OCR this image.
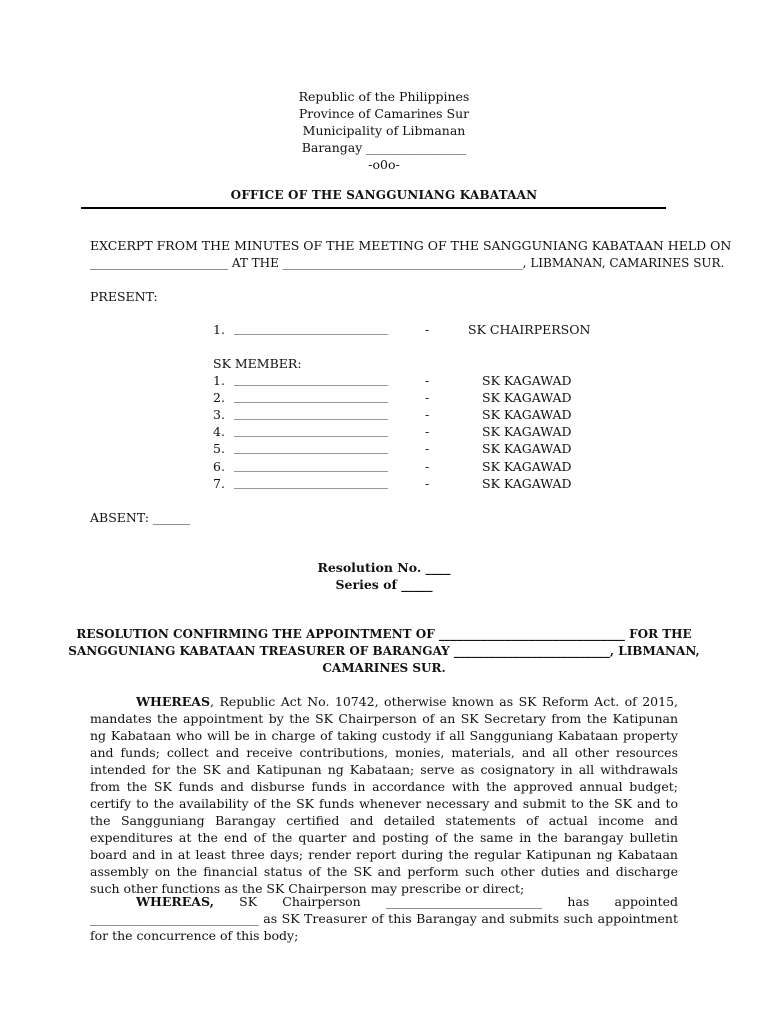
Republic of the Philippines
Province of Camarines Sur
Municipality of Libmanan
Barangay ________________
-o0o-
OFFICE OF THE SANGGUNIANG KABATAAN
EXCERPT FROM THE MINUTES OF THE MEETING OF THE SANGGUNIANG KABATAAN HELD ON
_______________________ AT THE ________________________________________, LIBMANAN, CAMARINES SUR.
PRESENT:
1. ____________________________	-	SK CHAIRPERSON
SK MEMBER:
1. ____________________________	-	SK KAGAWAD
2. ____________________________	-	SK KAGAWAD
3. ____________________________	-	SK KAGAWAD
4. ____________________________	-	SK KAGAWAD
5. ____________________________	-	SK KAGAWAD
6. ____________________________	-	SK KAGAWAD
7. ____________________________	-	SK KAGAWAD
ABSENT: ______
Resolution No. ____
Series of _____
RESOLUTION CONFIRMING THE APPOINTMENT OF _______________________________ FOR THE
SANGGUNIANG KABATAAN TREASURER OF BARANGAY __________________________, LIBMANAN,
CAMARINES SUR.
WHEREAS, Republic Act No. 10742, otherwise known as SK Reform Act. of 2015, mandates the appointment by the SK Chairperson of an SK Secretary from the Katipunan ng Kabataan who will be in charge of taking custody if all Sangguniang Kabataan property and funds; collect and receive contributions, monies, materials, and all other resources intended for the SK and Katipunan ng Kabataan; serve as cosignatory in all withdrawals from the SK funds and disburse funds in accordance with the approved annual budget; certify to the availability of the SK funds whenever necessary and submit to the SK and to the Sangguniang Barangay certified and detailed statements of actual income and expenditures at the end of the quarter and posting of the same in the barangay bulletin board and in at least three days; render report during the regular Katipunan ng Kabataan assembly on the financial status of the SK and perform such other duties and discharge such other functions as the SK Chairperson may prescribe or direct;
WHEREAS, SK Chairperson _________________________ has appointed ___________________________ as SK Treasurer of this Barangay and submits such appointment for the concurrence of this body;
